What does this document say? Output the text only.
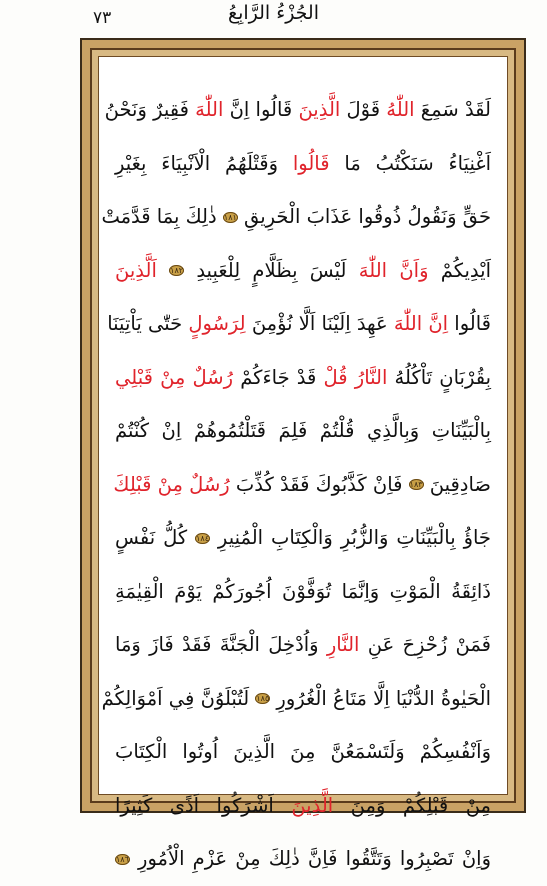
الجُزْءُ الرَّابِعُ
٧٣
لَقَدْ سَمِعَ اللّٰهُ قَوْلَ الَّذِينَ قَالُوا اِنَّ اللّٰهَ فَقِيرٌ وَنَحْنُ
اَغْنِيَاءُ سَنَكْتُبُ مَا قَالُوا وَقَتْلَهُمُ الْاَنْبِيَاءَ بِغَيْرِ
حَقٍّ وَنَقُولُ ذُوقُوا عَذَابَ الْحَرِيقِ ١٨١ ذٰلِكَ بِمَا قَدَّمَتْ
اَيْدِيكُمْ وَاَنَّ اللّٰهَ لَيْسَ بِظَلَّامٍ لِلْعَبِيدِ ١٨٢ اَلَّذِينَ
قَالُوا اِنَّ اللّٰهَ عَهِدَ اِلَيْنَا اَلَّا نُؤْمِنَ لِرَسُولٍ حَتّٰى يَاْتِيَنَا
بِقُرْبَانٍ تَاْكُلُهُ النَّارُ قُلْ قَدْ جَاءَكُمْ رُسُلٌ مِنْ قَبْلِي
بِالْبَيِّنَاتِ وَبِالَّذِي قُلْتُمْ فَلِمَ قَتَلْتُمُوهُمْ اِنْ كُنْتُمْ
صَادِقِينَ ١٨٣ فَاِنْ كَذَّبُوكَ فَقَدْ كُذِّبَ رُسُلٌ مِنْ قَبْلِكَ
جَاؤُ بِالْبَيِّنَاتِ وَالزُّبُرِ وَالْكِتَابِ الْمُنِيرِ ١٨٤ كُلُّ نَفْسٍ
ذَائِقَةُ الْمَوْتِ وَاِنَّمَا تُوَفَّوْنَ اُجُورَكُمْ يَوْمَ الْقِيٰمَةِ
فَمَنْ زُحْزِحَ عَنِ النَّارِ وَاُدْخِلَ الْجَنَّةَ فَقَدْ فَازَ وَمَا
الْحَيٰوةُ الدُّنْيَا اِلَّا مَتَاعُ الْغُرُورِ ١٨٥ لَتُبْلَوُنَّ فِي اَمْوَالِكُمْ
وَاَنْفُسِكُمْ وَلَتَسْمَعُنَّ مِنَ الَّذِينَ اُوتُوا الْكِتَابَ
مِنْ قَبْلِكُمْ وَمِنَ الَّذِينَ اَشْرَكُوا اَذًى كَثِيرًا
وَاِنْ تَصْبِرُوا وَتَتَّقُوا فَاِنَّ ذٰلِكَ مِنْ عَزْمِ الْاُمُورِ ١٨٦
